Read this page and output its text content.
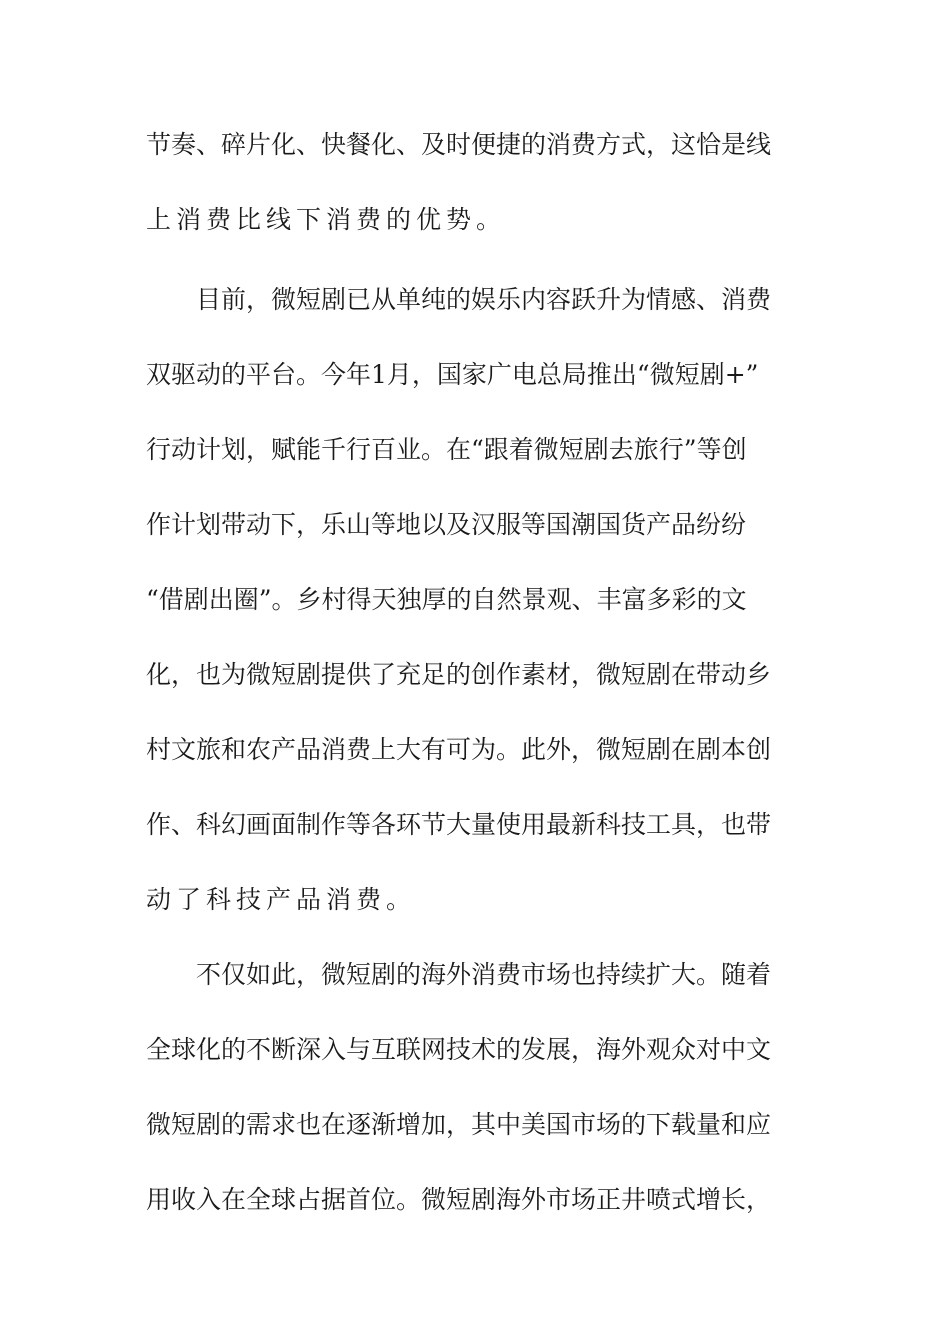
节奏、碎片化、快餐化、及时便捷的消费方式，这恰是线
上消费比线下消费的优势。
目前，微短剧已从单纯的娱乐内容跃升为情感、消费
双驱动的平台。今年1月，国家广电总局推出“微短剧+”
行动计划，赋能千行百业。在“跟着微短剧去旅行”等创
作计划带动下，乐山等地以及汉服等国潮国货产品纷纷
“借剧出圈”。乡村得天独厚的自然景观、丰富多彩的文
化，也为微短剧提供了充足的创作素材，微短剧在带动乡
村文旅和农产品消费上大有可为。此外，微短剧在剧本创
作、科幻画面制作等各环节大量使用最新科技工具，也带
动了科技产品消费。
不仅如此，微短剧的海外消费市场也持续扩大。随着
全球化的不断深入与互联网技术的发展，海外观众对中文
微短剧的需求也在逐渐增加，其中美国市场的下载量和应
用收入在全球占据首位。微短剧海外市场正井喷式增长，
